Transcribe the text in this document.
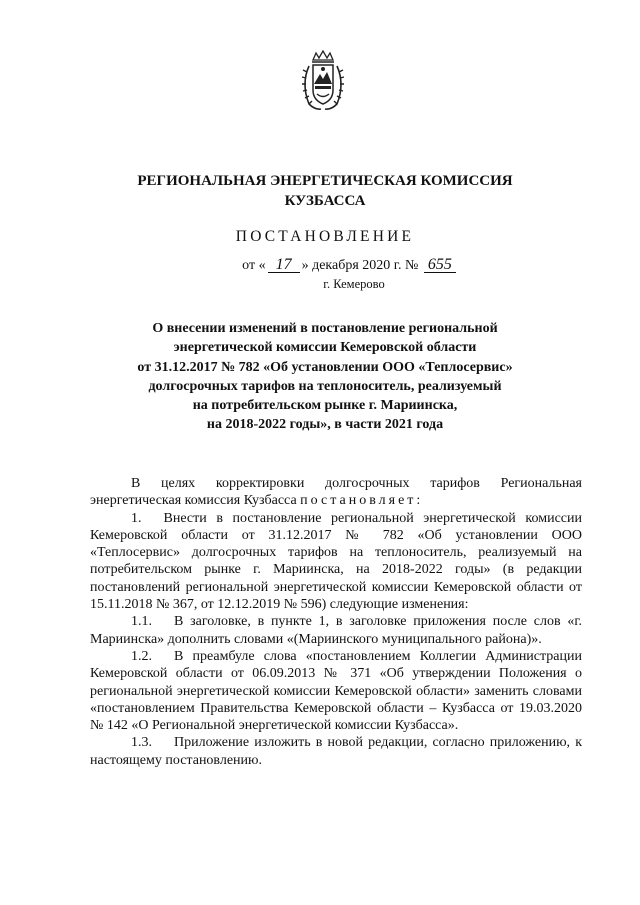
РЕГИОНАЛЬНАЯ ЭНЕРГЕТИЧЕСКАЯ КОМИССИЯ
КУЗБАССА
ПОСТАНОВЛЕНИЕ
от « 17 » декабря 2020 г. № 655
г. Кемерово
О внесении изменений в постановление региональной
энергетической комиссии Кемеровской области
от 31.12.2017 № 782 «Об установлении ООО «Теплосервис»
долгосрочных тарифов на теплоноситель, реализуемый
на потребительском рынке г. Мариинска,
на 2018-2022 годы», в части 2021 года

В целях корректировки долгосрочных тарифов Региональная энергетическая комиссия Кузбасса постановляет:

1. Внести в постановление региональной энергетической комиссии Кемеровской области от 31.12.2017 № 782 «Об установлении ООО «Теплосервис» долгосрочных тарифов на теплоноситель, реализуемый на потребительском рынке г. Мариинска, на 2018-2022 годы» (в редакции постановлений региональной энергетической комиссии Кемеровской области от 15.11.2018 № 367, от 12.12.2019 № 596) следующие изменения:

1.1. В заголовке, в пункте 1, в заголовке приложения после слов «г. Мариинска» дополнить словами «(Мариинского муниципального района)».

1.2. В преамбуле слова «постановлением Коллегии Администрации Кемеровской области от 06.09.2013 № 371 «Об утверждении Положения о региональной энергетической комиссии Кемеровской области» заменить словами «постановлением Правительства Кемеровской области – Кузбасса от 19.03.2020 № 142 «О Региональной энергетической комиссии Кузбасса».

1.3. Приложение изложить в новой редакции, согласно приложению, к настоящему постановлению.
